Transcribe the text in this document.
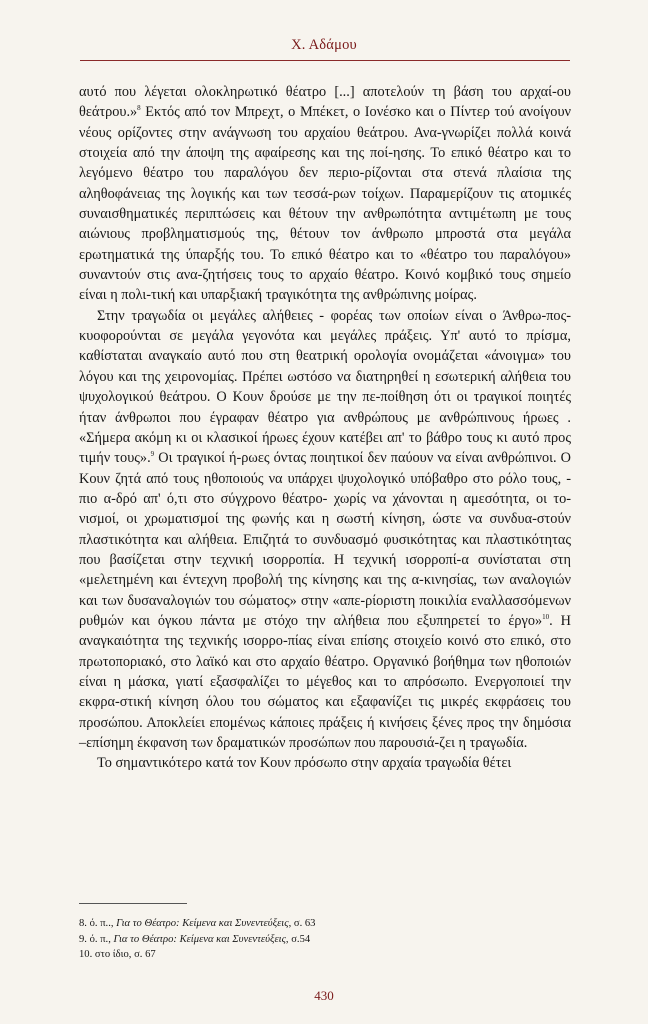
Χ. Αδάμου

αυτό που λέγεται ολοκληρωτικό θέατρο [...] αποτελούν τη βάση του αρχαί-ου θεάτρου.»$^8$ Εκτός από τον Μπρεχτ, ο Μπέκετ, ο Ιονέσκο και ο Πίντερ τού ανοίγουν νέους ορίζοντες στην ανάγνωση του αρχαίου θεάτρου. Ανα-γνωρίζει πολλά κοινά στοιχεία από την άποψη της αφαίρεσης και της ποί-ησης. Το επικό θέατρο και το λεγόμενο θέατρο του παραλόγου δεν περιο-ρίζονται στα στενά πλαίσια της αληθοφάνειας της λογικής και των τεσσά-ρων τοίχων. Παραμερίζουν τις ατομικές συναισθηματικές περιπτώσεις και θέτουν την ανθρωπότητα αντιμέτωπη με τους αιώνιους προβληματισμούς της, θέτουν τον άνθρωπο μπροστά στα μεγάλα ερωτηματικά της ύπαρξής του. Το επικό θέατρο και το «θέατρο του παραλόγου» συναντούν στις ανα-ζητήσεις τους το αρχαίο θέατρο. Κοινό κομβικό τους σημείο είναι η πολι-τική και υπαρξιακή τραγικότητα της ανθρώπινης μοίρας.

Στην τραγωδία οι μεγάλες αλήθειες - φορέας των οποίων είναι ο Άνθρω-πος- κυοφορούνται σε μεγάλα γεγονότα και μεγάλες πράξεις. Υπ' αυτό το πρίσμα, καθίσταται αναγκαίο αυτό που στη θεατρική ορολογία ονομάζεται «άνοιγμα» του λόγου και της χειρονομίας. Πρέπει ωστόσο να διατηρηθεί η εσωτερική αλήθεια του ψυχολογικού θεάτρου. Ο Κουν δρούσε με την πε-ποίθηση ότι οι τραγικοί ποιητές ήταν άνθρωποι που έγραφαν θέατρο για ανθρώπους με ανθρώπινους ήρωες . «Σήμερα ακόμη κι οι κλασικοί ήρωες έχουν κατέβει απ' το βάθρο τους κι αυτό προς τιμήν τους».$^9$ Οι τραγικοί ή-ρωες όντας ποιητικοί δεν παύουν να είναι ανθρώπινοι. Ο Κουν ζητά από τους ηθοποιούς να υπάρχει ψυχολογικό υπόβαθρο στο ρόλο τους, - πιο α-δρό απ' ό,τι στο σύγχρονο θέατρο- χωρίς να χάνονται η αμεσότητα, οι το-νισμοί, οι χρωματισμοί της φωνής και η σωστή κίνηση, ώστε να συνδυα-στούν πλαστικότητα και αλήθεια. Επιζητά το συνδυασμό φυσικότητας και πλαστικότητας που βασίζεται στην τεχνική ισορροπία. Η τεχνική ισορροπί-α συνίσταται στη «μελετημένη και έντεχνη προβολή της κίνησης και της α-κινησίας, των αναλογιών και των δυσαναλογιών του σώματος» στην «απε-ρίοριστη ποικιλία εναλλασσόμενων ρυθμών και όγκου πάντα με στόχο την αλήθεια που εξυπηρετεί το έργο»$^{10}$. Η αναγκαιότητα της τεχνικής ισορρο-πίας είναι επίσης στοιχείο κοινό στο επικό, στο πρωτοποριακό, στο λαϊκό και στο αρχαίο θέατρο. Οργανικό βοήθημα των ηθοποιών είναι η μάσκα, γιατί εξασφαλίζει το μέγεθος και το απρόσωπο. Ενεργοποιεί την εκφρα-στική κίνηση όλου του σώματος και εξαφανίζει τις μικρές εκφράσεις του προσώπου. Αποκλείει επομένως κάποιες πράξεις ή κινήσεις ξένες προς την δημόσια –επίσημη έκφανση των δραματικών προσώπων που παρουσιά-ζει η τραγωδία.

Το σημαντικότερο κατά τον Κουν πρόσωπο στην αρχαία τραγωδία θέτει

8. ό. π.., Για το Θέατρο: Κείμενα και Συνεντεύξεις, σ. 63

9. ό. π., Για το Θέατρο: Κείμενα και Συνεντεύξεις, σ.54

10. στο ίδιο, σ. 67

430
